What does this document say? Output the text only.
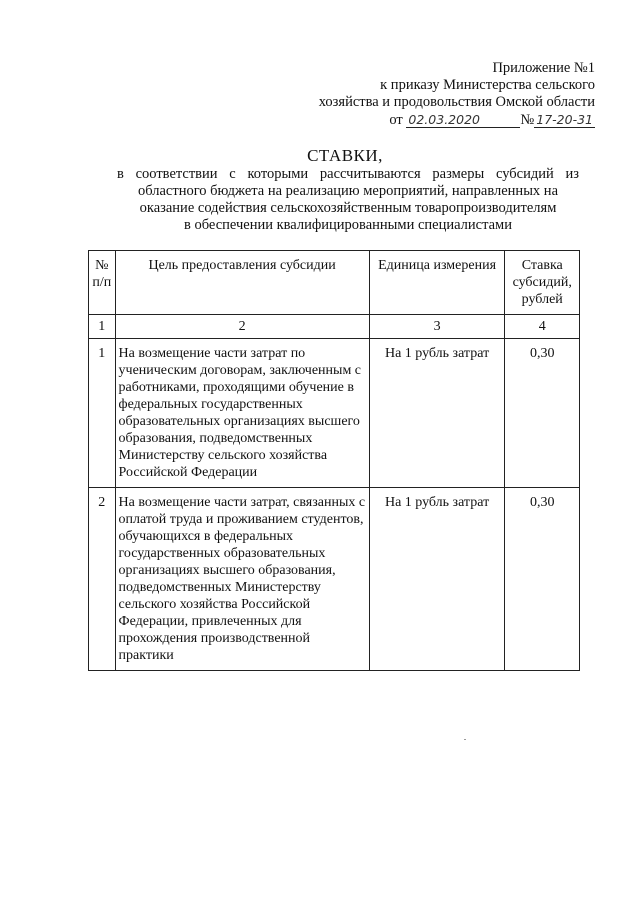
Приложение №1
к приказу Министерства сельского
хозяйства и продовольствия Омской области
от 02.03.2020	№ 17-20-31
СТАВКИ,
в соответствии с которыми рассчитываются размеры субсидий из
областного бюджета на реализацию мероприятий, направленных на
оказание содействия сельскохозяйственным товаропроизводителям
в обеспечении квалифицированными специалистами
№ п/п	Цель предоставления субсидии	Единица измерения	Ставка субсидий, рублей
1	2	3	4
1	На возмещение части затрат по ученическим договорам, заключенным с работниками, проходящими обучение в федеральных государственных образовательных организациях высшего образования, подведомственных Министерству сельского хозяйства Российской Федерации	На 1 рубль затрат	0,30
2	На возмещение части затрат, связанных с оплатой труда и проживанием студентов, обучающихся в федеральных государственных образовательных организациях высшего образования, подведомственных Министерству сельского хозяйства Российской Федерации, привлеченных для прохождения производственной практики	На 1 рубль затрат	0,30
